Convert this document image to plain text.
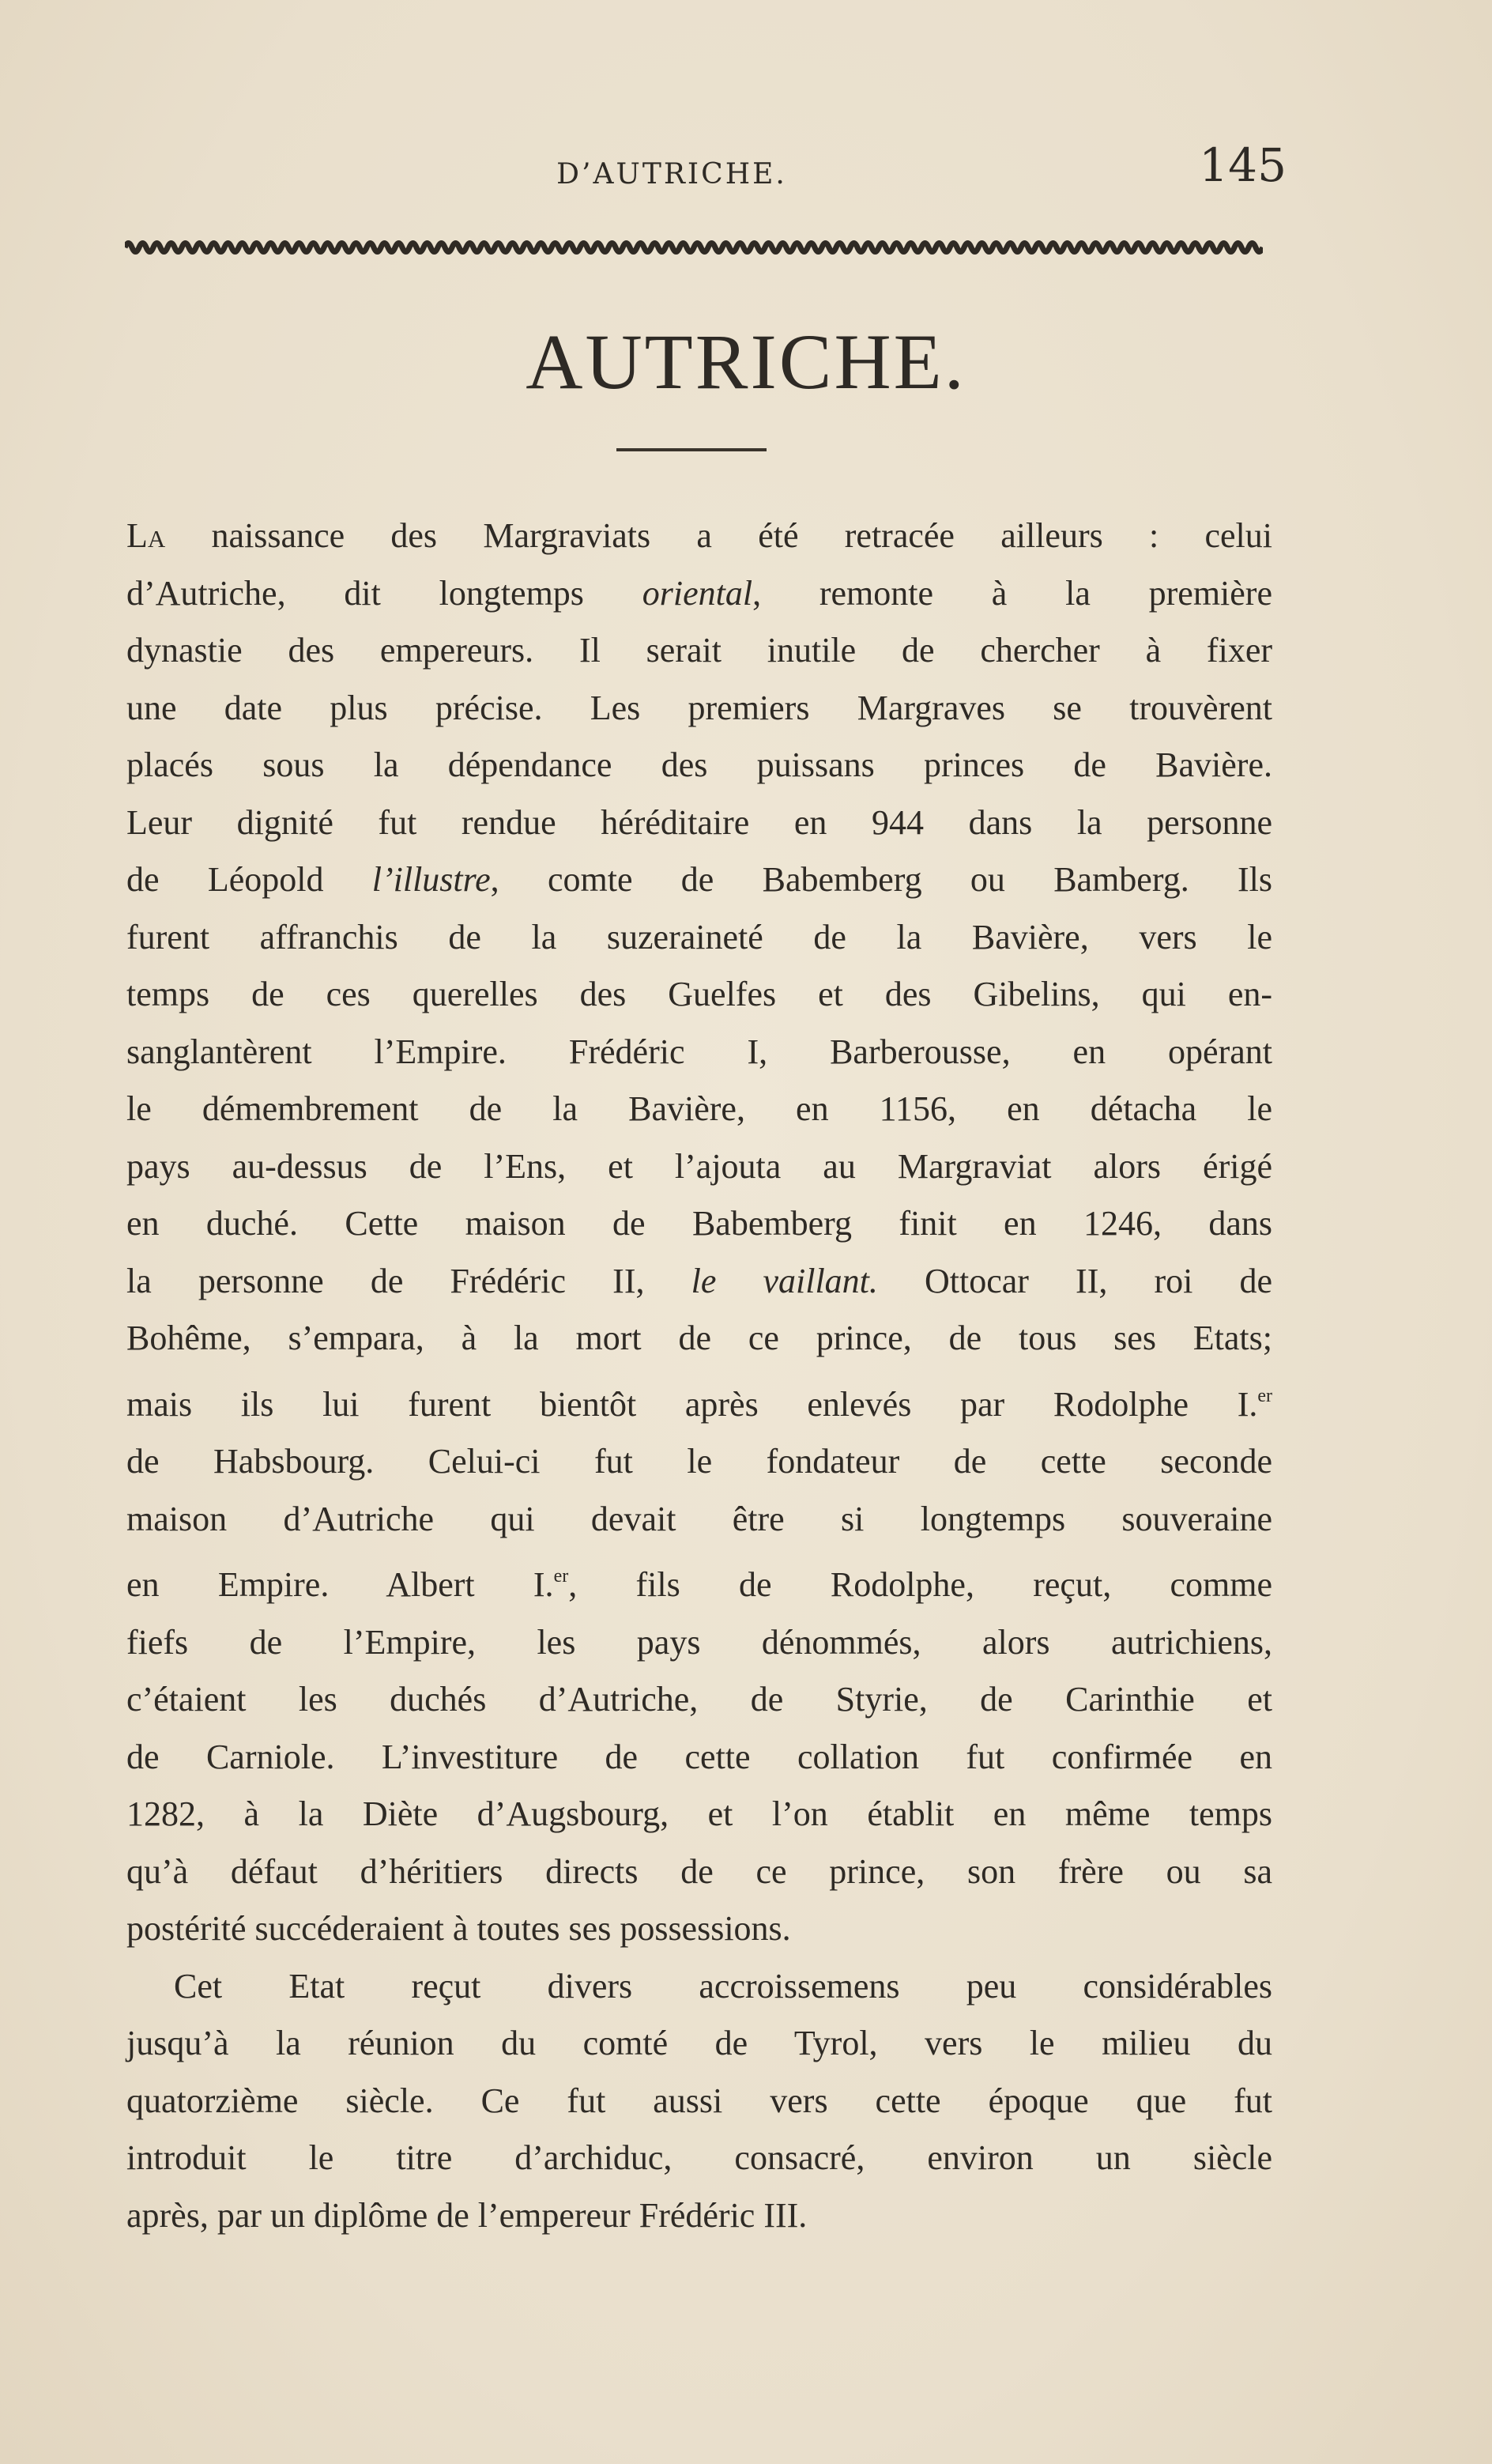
D’AUTRICHE.	145
AUTRICHE.
La naissance des Margraviats a été retracée ailleurs : celui
d’Autriche, dit longtemps oriental, remonte à la première
dynastie des empereurs. Il serait inutile de chercher à fixer
une date plus précise. Les premiers Margraves se trouvèrent
placés sous la dépendance des puissans princes de Bavière.
Leur dignité fut rendue héréditaire en 944 dans la personne
de Léopold l’illustre, comte de Babemberg ou Bamberg. Ils
furent affranchis de la suzeraineté de la Bavière, vers le
temps de ces querelles des Guelfes et des Gibelins, qui en-
sanglantèrent l’Empire. Frédéric I, Barberousse, en opérant
le démembrement de la Bavière, en 1156, en détacha le
pays au-dessus de l’Ens, et l’ajouta au Margraviat alors érigé
en duché. Cette maison de Babemberg finit en 1246, dans
la personne de Frédéric II, le vaillant. Ottocar II, roi de
Bohême, s’empara, à la mort de ce prince, de tous ses Etats;
mais ils lui furent bientôt après enlevés par Rodolphe I.$^{er}$
de Habsbourg. Celui-ci fut le fondateur de cette seconde
maison d’Autriche qui devait être si longtemps souveraine
en Empire. Albert I.$^{er}$, fils de Rodolphe, reçut, comme
fiefs de l’Empire, les pays dénommés, alors autrichiens,
c’étaient les duchés d’Autriche, de Styrie, de Carinthie et
de Carniole. L’investiture de cette collation fut confirmée en
1282, à la Diète d’Augsbourg, et l’on établit en même temps
qu’à défaut d’héritiers directs de ce prince, son frère ou sa
postérité succéderaient à toutes ses possessions.
Cet Etat reçut divers accroissemens peu considérables
jusqu’à la réunion du comté de Tyrol, vers le milieu du
quatorzième siècle. Ce fut aussi vers cette époque que fut
introduit le titre d’archiduc, consacré, environ un siècle
après, par un diplôme de l’empereur Frédéric III.
